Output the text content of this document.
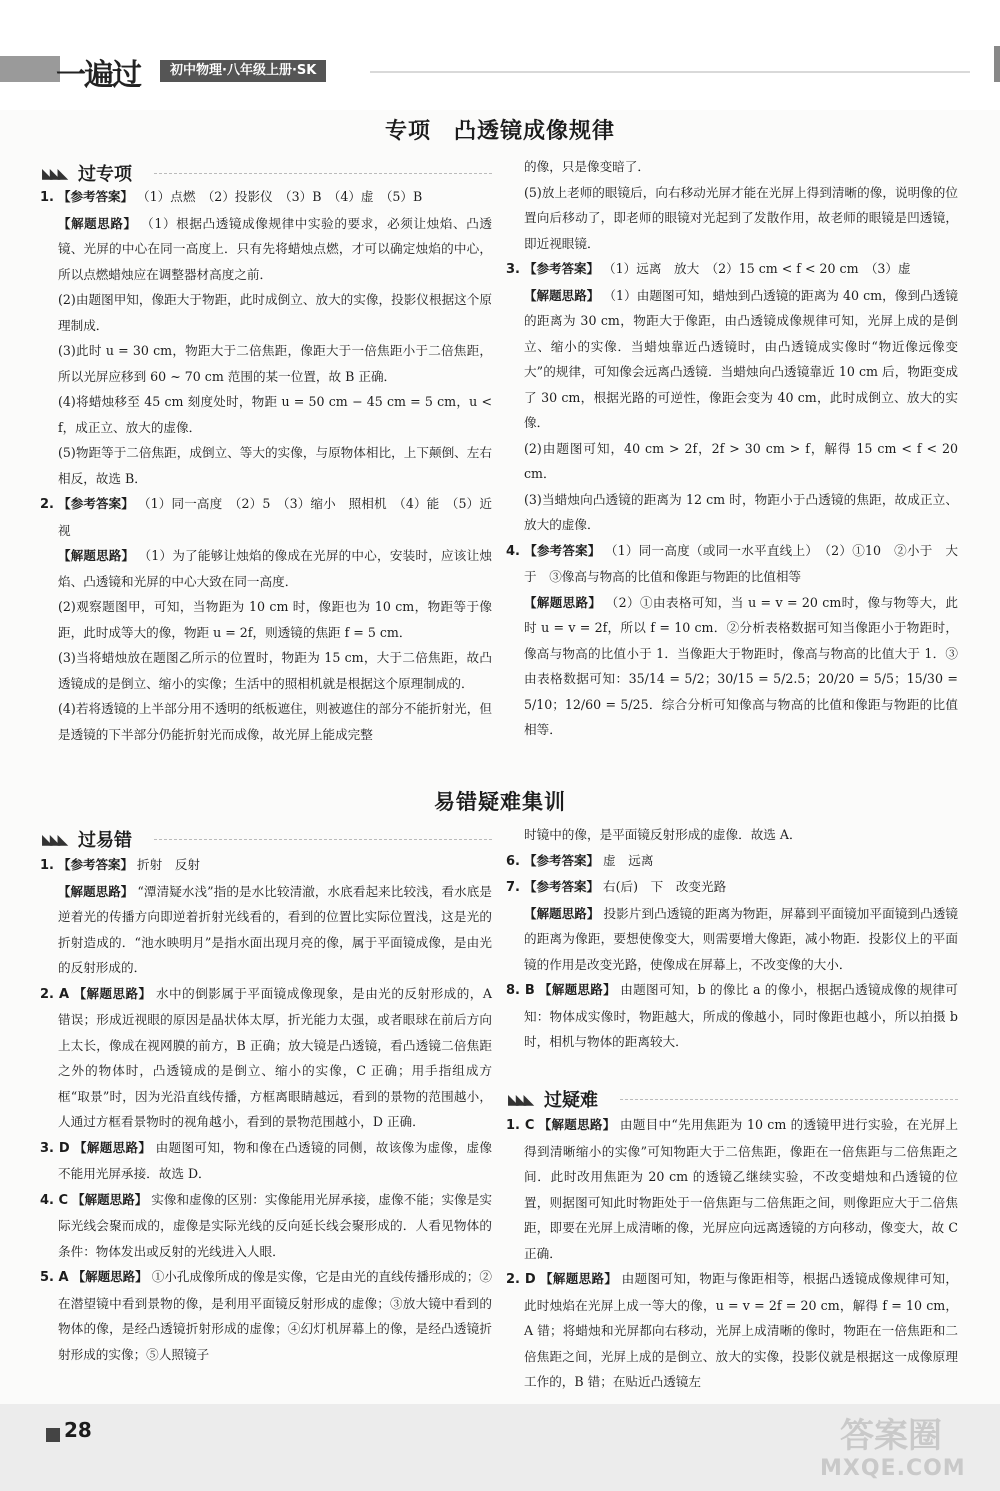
一遍过	初中物理·八年级上册·SK
专项　凸透镜成像规律
◣◣◣ 过专项

1. 【参考答案】 （1）点燃　（2）投影仪　（3）B　（4）虚　（5）B

【解题思路】 （1）根据凸透镜成像规律中实验的要求，必须让烛焰、凸透镜、光屏的中心在同一高度上．只有先将蜡烛点燃，才可以确定烛焰的中心，所以点燃蜡烛应在调整器材高度之前．

(2)由题图甲知，像距大于物距，此时成倒立、放大的实像，投影仪根据这个原理制成．

(3)此时 u = 30 cm，物距大于二倍焦距，像距大于一倍焦距小于二倍焦距，所以光屏应移到 60 ~ 70 cm 范围的某一位置，故 B 正确．

(4)将蜡烛移至 45 cm 刻度处时，物距 u = 50 cm − 45 cm = 5 cm，u < f，成正立、放大的虚像．

(5)物距等于二倍焦距，成倒立、等大的实像，与原物体相比，上下颠倒、左右相反，故选 B．

2. 【参考答案】 （1）同一高度　（2）5　（3）缩小　照相机　（4）能　（5）近视

【解题思路】 （1）为了能够让烛焰的像成在光屏的中心，安装时，应该让烛焰、凸透镜和光屏的中心大致在同一高度．

(2)观察题图甲，可知，当物距为 10 cm 时，像距也为 10 cm，物距等于像距，此时成等大的像，物距 u = 2f，则透镜的焦距 f = 5 cm．

(3)当将蜡烛放在题图乙所示的位置时，物距为 15 cm，大于二倍焦距，故凸透镜成的是倒立、缩小的实像；生活中的照相机就是根据这个原理制成的．

(4)若将透镜的上半部分用不透明的纸板遮住，则被遮住的部分不能折射光，但是透镜的下半部分仍能折射光而成像，故光屏上能成完整

的像，只是像变暗了．

(5)放上老师的眼镜后，向右移动光屏才能在光屏上得到清晰的像，说明像的位置向后移动了，即老师的眼镜对光起到了发散作用，故老师的眼镜是凹透镜，即近视眼镜．

3. 【参考答案】 （1）远离　放大　（2）15 cm < f < 20 cm　（3）虚

【解题思路】 （1）由题图可知，蜡烛到凸透镜的距离为 40 cm，像到凸透镜的距离为 30 cm，物距大于像距，由凸透镜成像规律可知，光屏上成的是倒立、缩小的实像．当蜡烛靠近凸透镜时，由凸透镜成实像时“物近像远像变大”的规律，可知像会远离凸透镜．当蜡烛向凸透镜靠近 10 cm 后，物距变成了 30 cm，根据光路的可逆性，像距会变为 40 cm，此时成倒立、放大的实像．

(2)由题图可知，40 cm > 2f，2f > 30 cm > f，解得 15 cm < f < 20 cm．

(3)当蜡烛向凸透镜的距离为 12 cm 时，物距小于凸透镜的焦距，故成正立、放大的虚像．

4. 【参考答案】 （1）同一高度（或同一水平直线上）　（2）①10　②小于　大于　③像高与物高的比值和像距与物距的比值相等

【解题思路】 （2）①由表格可知，当 u = v = 20 cm时，像与物等大，此时 u = v = 2f，所以 f = 10 cm．②分析表格数据可知当像距小于物距时，像高与物高的比值小于 1．当像距大于物距时，像高与物高的比值大于 1．③由表格数据可知：35/14 = 5/2；30/15 = 5/2.5；20/20 = 5/5；15/30 = 5/10；12/60 = 5/25．综合分析可知像高与物高的比值和像距与物距的比值相等．

易错疑难集训
◣◣◣ 过易错

1. 【参考答案】 折射　反射

【解题思路】 “潭清疑水浅”指的是水比较清澈，水底看起来比较浅，看水底是逆着光的传播方向即逆着折射光线看的，看到的位置比实际位置浅，这是光的折射造成的．“池水映明月”是指水面出现月亮的像，属于平面镜成像，是由光的反射形成的．

2. A 【解题思路】 水中的倒影属于平面镜成像现象，是由光的反射形成的，A 错误；形成近视眼的原因是晶状体太厚，折光能力太强，或者眼球在前后方向上太长，像成在视网膜的前方，B 正确；放大镜是凸透镜，看凸透镜二倍焦距之外的物体时，凸透镜成的是倒立、缩小的实像，C 正确；用手指组成方框“取景”时，因为光沿直线传播，方框离眼睛越远，看到的景物的范围越小，人通过方框看景物时的视角越小，看到的景物范围越小，D 正确．

3. D 【解题思路】 由题图可知，物和像在凸透镜的同侧，故该像为虚像，虚像不能用光屏承接．故选 D．

4. C 【解题思路】 实像和虚像的区别：实像能用光屏承接，虚像不能；实像是实际光线会聚而成的，虚像是实际光线的反向延长线会聚形成的．人看见物体的条件：物体发出或反射的光线进入人眼．

5. A 【解题思路】 ①小孔成像所成的像是实像，它是由光的直线传播形成的；②在潜望镜中看到景物的像，是利用平面镜反射形成的虚像；③放大镜中看到的物体的像，是经凸透镜折射形成的虚像；④幻灯机屏幕上的像，是经凸透镜折射形成的实像；⑤人照镜子

时镜中的像，是平面镜反射形成的虚像．故选 A．

6. 【参考答案】 虚　远离

7. 【参考答案】 右(后)　下　改变光路

【解题思路】 投影片到凸透镜的距离为物距，屏幕到平面镜加平面镜到凸透镜的距离为像距，要想使像变大，则需要增大像距，减小物距．投影仪上的平面镜的作用是改变光路，使像成在屏幕上，不改变像的大小．

8. B 【解题思路】 由题图可知，b 的像比 a 的像小，根据凸透镜成像的规律可知：物体成实像时，物距越大，所成的像越小，同时像距也越小，所以拍摄 b 时，相机与物体的距离较大．

◣◣◣ 过疑难

1. C 【解题思路】 由题目中“先用焦距为 10 cm 的透镜甲进行实验，在光屏上得到清晰缩小的实像”可知物距大于二倍焦距，像距在一倍焦距与二倍焦距之间．此时改用焦距为 20 cm 的透镜乙继续实验，不改变蜡烛和凸透镜的位置，则据图可知此时物距处于一倍焦距与二倍焦距之间，则像距应大于二倍焦距，即要在光屏上成清晰的像，光屏应向远离透镜的方向移动，像变大，故 C 正确．

2. D 【解题思路】 由题图可知，物距与像距相等，根据凸透镜成像规律可知，此时烛焰在光屏上成一等大的像，u = v = 2f = 20 cm，解得 f = 10 cm，A 错；将蜡烛和光屏都向右移动，光屏上成清晰的像时，物距在一倍焦距和二倍焦距之间，光屏上成的是倒立、放大的实像，投影仪就是根据这一成像原理工作的，B 错；在贴近凸透镜左

28	答案圈
MXQE.COM
